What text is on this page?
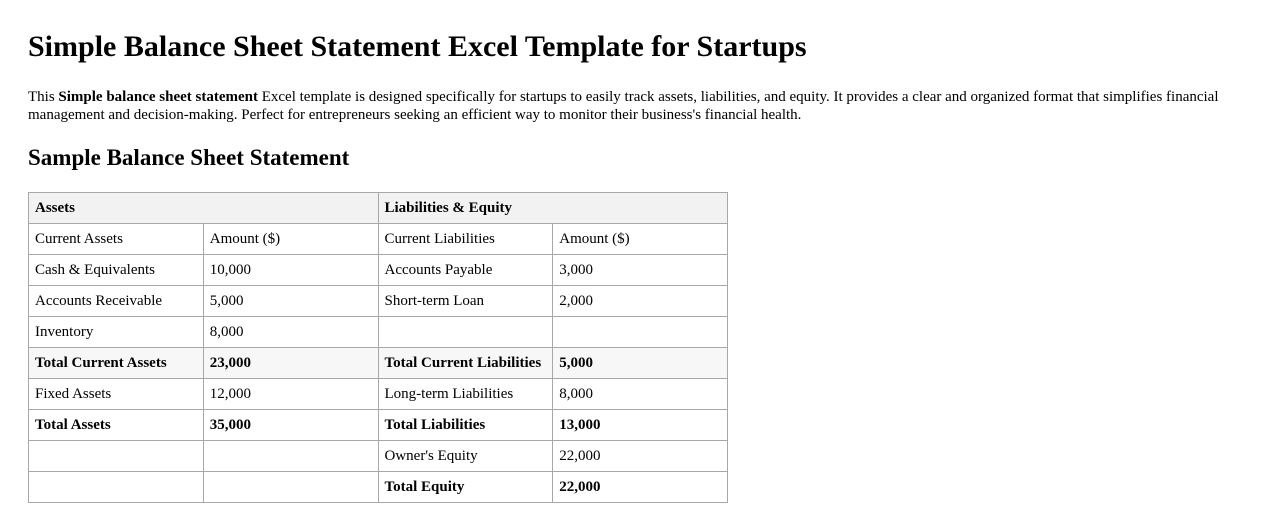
Simple Balance Sheet Statement Excel Template for Startups

This Simple balance sheet statement Excel template is designed specifically for startups to easily track assets, liabilities, and equity. It provides a clear and organized format that simplifies financial management and decision-making. Perfect for entrepreneurs seeking an efficient way to monitor their business's financial health.

Sample Balance Sheet Statement
Assets		Liabilities & Equity	
Current Assets	Amount ($)	Current Liabilities	Amount ($)
Cash & Equivalents	10,000	Accounts Payable	3,000
Accounts Receivable	5,000	Short-term Loan	2,000
Inventory	8,000		
Total Current Assets	23,000	Total Current Liabilities	5,000
Fixed Assets	12,000	Long-term Liabilities	8,000
Total Assets	35,000	Total Liabilities	13,000
		Owner's Equity	22,000
		Total Equity	22,000
